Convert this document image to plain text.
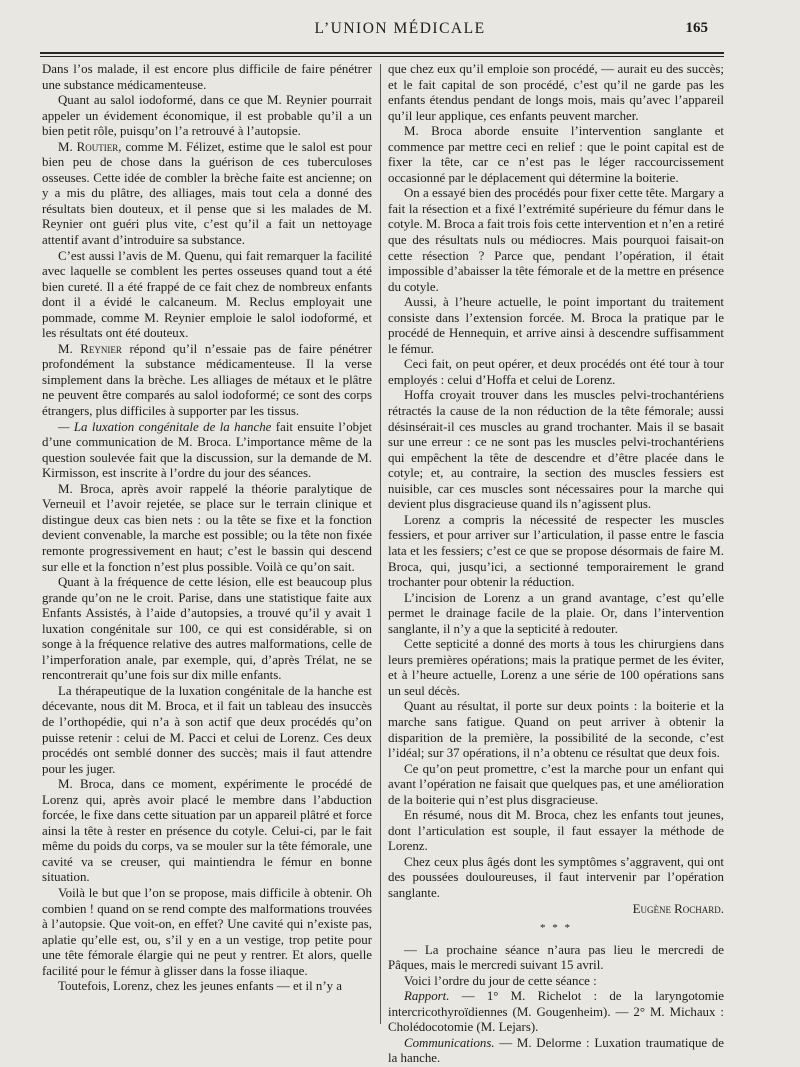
L’UNION MÉDICALE	165

Dans l’os malade, il est encore plus difficile de faire pénétrer une substance médicamenteuse.

Quant au salol iodoformé, dans ce que M. Reynier pourrait appeler un évidement économique, il est probable qu’il a un bien petit rôle, puisqu’on l’a retrouvé à l’autopsie.

M. Routier, comme M. Félizet, estime que le salol est pour bien peu de chose dans la guérison de ces tuberculoses osseuses. Cette idée de combler la brèche faite est ancienne; on y a mis du plâtre, des alliages, mais tout cela a donné des résultats bien douteux, et il pense que si les malades de M. Reynier ont guéri plus vite, c’est qu’il a fait un nettoyage attentif avant d’introduire sa substance.

C’est aussi l’avis de M. Quenu, qui fait remarquer la facilité avec laquelle se comblent les pertes osseuses quand tout a été bien cureté. Il a été frappé de ce fait chez de nombreux enfants dont il a évidé le calcaneum. M. Reclus employait une pommade, comme M. Reynier emploie le salol iodoformé, et les résultats ont été douteux.

M. Reynier répond qu’il n’essaie pas de faire pénétrer profondément la substance médicamenteuse. Il la verse simplement dans la brèche. Les alliages de métaux et le plâtre ne peuvent être comparés au salol iodoformé; ce sont des corps étrangers, plus difficiles à supporter par les tissus.

— La luxation congénitale de la hanche fait ensuite l’objet d’une communication de M. Broca. L’importance même de la question soulevée fait que la discussion, sur la demande de M. Kirmisson, est inscrite à l’ordre du jour des séances.

M. Broca, après avoir rappelé la théorie paralytique de Verneuil et l’avoir rejetée, se place sur le terrain clinique et distingue deux cas bien nets : ou la tête se fixe et la fonction devient convenable, la marche est possible; ou la tête non fixée remonte progressivement en haut; c’est le bassin qui descend sur elle et la fonction n’est plus possible. Voilà ce qu’on sait.

Quant à la fréquence de cette lésion, elle est beaucoup plus grande qu’on ne le croit. Parise, dans une statistique faite aux Enfants Assistés, à l’aide d’autopsies, a trouvé qu’il y avait 1 luxation congénitale sur 100, ce qui est considérable, si on songe à la fréquence relative des autres malformations, celle de l’imperforation anale, par exemple, qui, d’après Trélat, ne se rencontrerait qu’une fois sur dix mille enfants.

La thérapeutique de la luxation congénitale de la hanche est décevante, nous dit M. Broca, et il fait un tableau des insuccès de l’orthopédie, qui n’a à son actif que deux procédés qu’on puisse retenir : celui de M. Pacci et celui de Lorenz. Ces deux procédés ont semblé donner des succès; mais il faut attendre pour les juger.

M. Broca, dans ce moment, expérimente le procédé de Lorenz qui, après avoir placé le membre dans l’abduction forcée, le fixe dans cette situation par un appareil plâtré et force ainsi la tête à rester en présence du cotyle. Celui-ci, par le fait même du poids du corps, va se mouler sur la tête fémorale, une cavité va se creuser, qui maintiendra le fémur en bonne situation.

Voilà le but que l’on se propose, mais difficile à obtenir. Oh combien ! quand on se rend compte des malformations trouvées à l’autopsie. Que voit-on, en effet? Une cavité qui n’existe pas, aplatie qu’elle est, ou, s’il y en a un vestige, trop petite pour une tête fémorale élargie qui ne peut y rentrer. Et alors, quelle facilité pour le fémur à glisser dans la fosse iliaque.

Toutefois, Lorenz, chez les jeunes enfants — et il n’y a

que chez eux qu’il emploie son procédé, — aurait eu des succès; et le fait capital de son procédé, c’est qu’il ne garde pas les enfants étendus pendant de longs mois, mais qu’avec l’appareil qu’il leur applique, ces enfants peuvent marcher.

M. Broca aborde ensuite l’intervention sanglante et commence par mettre ceci en relief : que le point capital est de fixer la tête, car ce n’est pas le léger raccourcissement occasionné par le déplacement qui détermine la boiterie.

On a essayé bien des procédés pour fixer cette tête. Margary a fait la résection et a fixé l’extrémité supérieure du fémur dans le cotyle. M. Broca a fait trois fois cette intervention et n’en a retiré que des résultats nuls ou médiocres. Mais pourquoi faisait-on cette résection ? Parce que, pendant l’opération, il était impossible d’abaisser la tête fémorale et de la mettre en présence du cotyle.

Aussi, à l’heure actuelle, le point important du traitement consiste dans l’extension forcée. M. Broca la pratique par le procédé de Hennequin, et arrive ainsi à descendre suffisamment le fémur.

Ceci fait, on peut opérer, et deux procédés ont été tour à tour employés : celui d’Hoffa et celui de Lorenz.

Hoffa croyait trouver dans les muscles pelvi-trochantériens rétractés la cause de la non réduction de la tête fémorale; aussi désinsérait-il ces muscles au grand trochanter. Mais il se basait sur une erreur : ce ne sont pas les muscles pelvi-trochantériens qui empêchent la tête de descendre et d’être placée dans le cotyle; et, au contraire, la section des muscles fessiers est nuisible, car ces muscles sont nécessaires pour la marche qui devient plus disgracieuse quand ils n’agissent plus.

Lorenz a compris la nécessité de respecter les muscles fessiers, et pour arriver sur l’articulation, il passe entre le fascia lata et les fessiers; c’est ce que se propose désormais de faire M. Broca, qui, jusqu’ici, a sectionné temporairement le grand trochanter pour obtenir la réduction.

L’incision de Lorenz a un grand avantage, c’est qu’elle permet le drainage facile de la plaie. Or, dans l’intervention sanglante, il n’y a que la septicité à redouter.

Cette septicité a donné des morts à tous les chirurgiens dans leurs premières opérations; mais la pratique permet de les éviter, et à l’heure actuelle, Lorenz a une série de 100 opérations sans un seul décès.

Quant au résultat, il porte sur deux points : la boiterie et la marche sans fatigue. Quand on peut arriver à obtenir la disparition de la première, la possibilité de la seconde, c’est l’idéal; sur 37 opérations, il n’a obtenu ce résultat que deux fois.

Ce qu’on peut promettre, c’est la marche pour un enfant qui avant l’opération ne faisait que quelques pas, et une amélioration de la boiterie qui n’est plus disgracieuse.

En résumé, nous dit M. Broca, chez les enfants tout jeunes, dont l’articulation est souple, il faut essayer la méthode de Lorenz.

Chez ceux plus âgés dont les symptômes s’aggravent, qui ont des poussées douloureuses, il faut intervenir par l’opération sanglante.
Eugène Rochard.

* * *

— La prochaine séance n’aura pas lieu le mercredi de Pâques, mais le mercredi suivant 15 avril.

Voici l’ordre du jour de cette séance :

Rapport. — 1° M. Richelot : de la laryngotomie intercricothyroïdiennes (M. Gougenheim). — 2° M. Michaux : Cholédocotomie (M. Lejars).

Communications. — M. Delorme : Luxation traumatique de la hanche.
